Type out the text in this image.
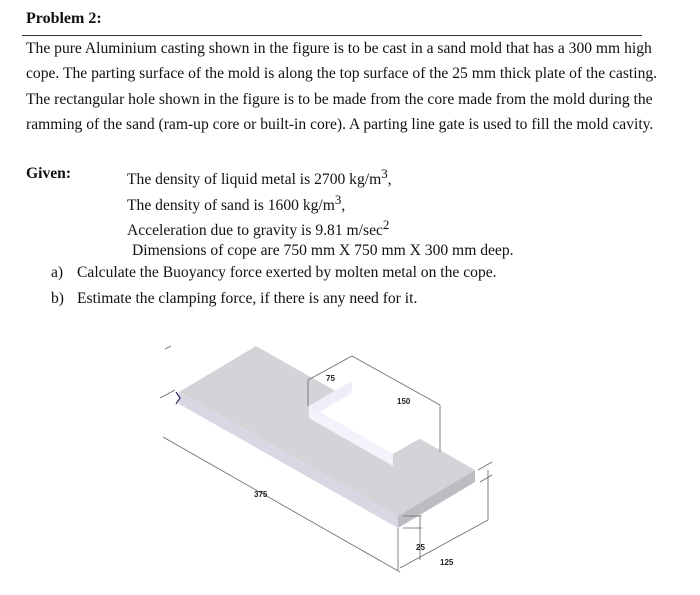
Problem 2:

The pure Aluminium casting shown in the figure is to be cast in a sand mold that has a 300 mm high cope. The parting surface of the mold is along the top surface of the 25 mm thick plate of the casting. The rectangular hole shown in the figure is to be made from the core made from the mold during the ramming of the sand (ram-up core or built-in core). A parting line gate is used to fill the mold cavity.

Given:	The density of liquid metal is 2700 $kg/m^3$,
The density of sand is 1600 $kg/m^3$,
Acceleration due to gravity is 9.81 $m/\sec^2$
Dimensions of cope are 750 mm X 750 mm X 300 mm deep.
a) Calculate the Buoyancy force exerted by molten metal on the cope.
b) Estimate the clamping force, if there is any need for it.
75
150
375
25
125
